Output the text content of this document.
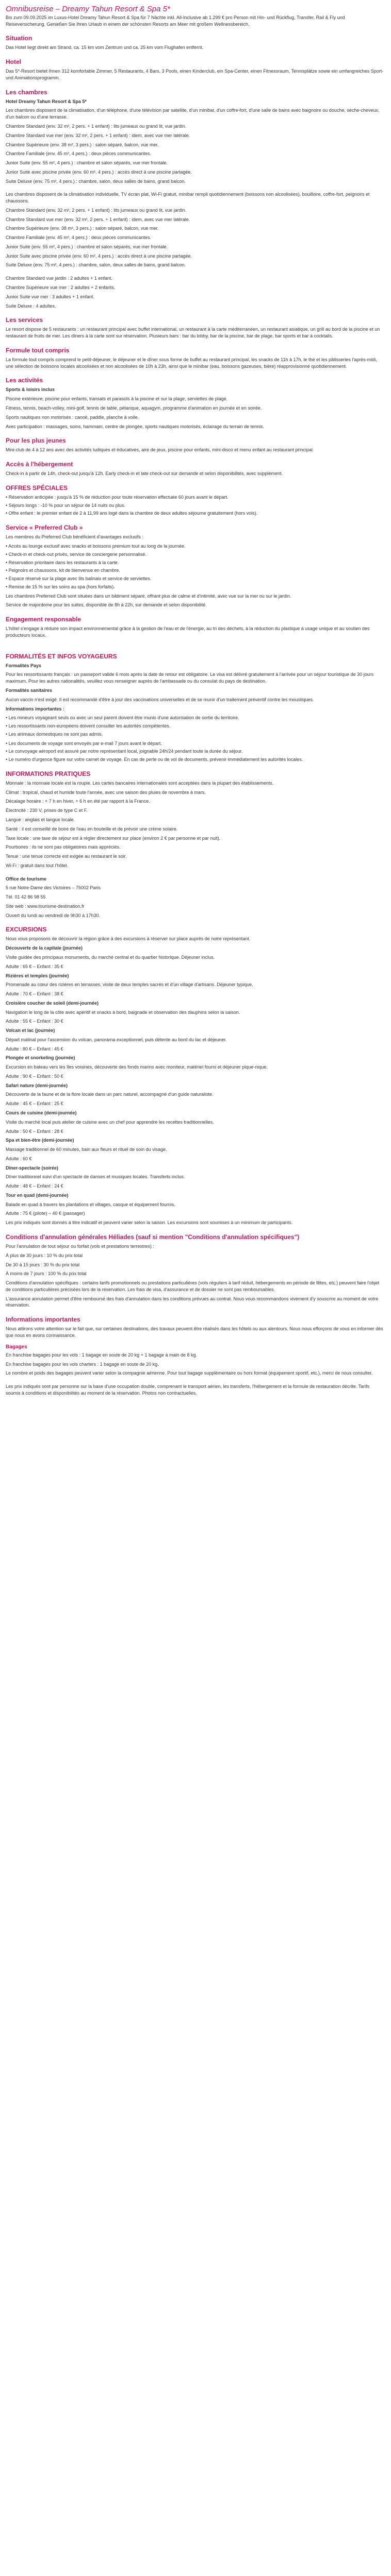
Omnibusreise – Dreamy Tahun Resort & Spa 5*
Bis zum 09.09.2025 im Luxus-Hotel Dreamy Tahun Resort & Spa für 7 Nächte inkl. All-Inclusive ab 1.299 € pro Person mit Hin- und Rückflug, Transfer, Rail & Fly und Reiseversicherung. Genießen Sie Ihren Urlaub in einem der schönsten Resorts am Meer mit großem Wellnessbereich.
Situation
Das Hotel liegt direkt am Strand, ca. 15 km vom Zentrum und ca. 25 km vom Flughafen entfernt.
Hotel
Das 5*-Resort bietet Ihnen 312 komfortable Zimmer, 5 Restaurants, 4 Bars, 3 Pools, einen Kinderclub, ein Spa-Center, einen Fitnessraum, Tennisplätze sowie ein umfangreiches Sport- und Animationsprogramm.
Les chambres
Hotel Dreamy Tahun Resort & Spa 5*
Les chambres disposent de la climatisation, d'un téléphone, d'une télévision par satellite, d'un minibar, d'un coffre-fort, d'une salle de bains avec baignoire ou douche, sèche-cheveux, d'un balcon ou d'une terrasse.
Chambre Standard (env. 32 m², 2 pers. + 1 enfant) : lits jumeaux ou grand lit, vue jardin.
Chambre Standard vue mer (env. 32 m², 2 pers. + 1 enfant) : idem, avec vue mer latérale.
Chambre Supérieure (env. 38 m², 3 pers.) : salon séparé, balcon, vue mer.
Chambre Familiale (env. 45 m², 4 pers.) : deux pièces communicantes.
Junior Suite (env. 55 m², 4 pers.) : chambre et salon séparés, vue mer frontale.
Junior Suite avec piscine privée (env. 60 m², 4 pers.) : accès direct à une piscine partagée.
Suite Deluxe (env. 75 m², 4 pers.) : chambre, salon, deux salles de bains, grand balcon.
Les chambres disposent de la climatisation individuelle, TV écran plat, Wi-Fi gratuit, minibar rempli quotidiennement (boissons non alcoolisées), bouilloire, coffre-fort, peignoirs et chaussons.
Chambre Standard (env. 32 m², 2 pers. + 1 enfant) : lits jumeaux ou grand lit, vue jardin.
Chambre Standard vue mer (env. 32 m², 2 pers. + 1 enfant) : idem, avec vue mer latérale.
Chambre Supérieure (env. 38 m², 3 pers.) : salon séparé, balcon, vue mer.
Chambre Familiale (env. 45 m², 4 pers.) : deux pièces communicantes.
Junior Suite (env. 55 m², 4 pers.) : chambre et salon séparés, vue mer frontale.
Junior Suite avec piscine privée (env. 60 m², 4 pers.) : accès direct à une piscine partagée.
Suite Deluxe (env. 75 m², 4 pers.) : chambre, salon, deux salles de bains, grand balcon.
Chambre Standard vue jardin : 2 adultes + 1 enfant.
Chambre Supérieure vue mer : 2 adultes + 2 enfants.
Junior Suite vue mer : 3 adultes + 1 enfant.
Suite Deluxe : 4 adultes.
Les services
Le resort dispose de 5 restaurants : un restaurant principal avec buffet international, un restaurant à la carte méditerranéen, un restaurant asiatique, un grill au bord de la piscine et un restaurant de fruits de mer. Les dîners à la carte sont sur réservation. Plusieurs bars : bar du lobby, bar de la piscine, bar de plage, bar sports et bar à cocktails.
Formule tout compris
La formule tout compris comprend le petit-déjeuner, le déjeuner et le dîner sous forme de buffet au restaurant principal, les snacks de 11h à 17h, le thé et les pâtisseries l'après-midi, une sélection de boissons locales alcoolisées et non alcoolisées de 10h à 23h, ainsi que le minibar (eau, boissons gazeuses, bière) réapprovisionné quotidiennement.
Les activités
Sports & loisirs inclus
Piscine extérieure, piscine pour enfants, transats et parasols à la piscine et sur la plage, serviettes de plage.
Fitness, tennis, beach-volley, mini-golf, tennis de table, pétanque, aquagym, programme d'animation en journée et en soirée.
Sports nautiques non motorisés : canoë, paddle, planche à voile.
Avec participation : massages, soins, hammam, centre de plongée, sports nautiques motorisés, éclairage du terrain de tennis.
Pour les plus jeunes
Mini-club de 4 à 12 ans avec des activités ludiques et éducatives, aire de jeux, piscine pour enfants, mini-disco et menu enfant au restaurant principal.
Accès à l'hébergement
Check-in à partir de 14h, check-out jusqu'à 12h. Early check-in et late check-out sur demande et selon disponibilités, avec supplément.
OFFRES SPÉCIALES
• Réservation anticipée : jusqu'à 15 % de réduction pour toute réservation effectuée 60 jours avant le départ.
• Séjours longs : -10 % pour un séjour de 14 nuits ou plus.
• Offre enfant : le premier enfant de 2 à 11,99 ans logé dans la chambre de deux adultes séjourne gratuitement (hors vols).
Service « Preferred Club »
Les membres du Preferred Club bénéficient d'avantages exclusifs :
• Accès au lounge exclusif avec snacks et boissons premium tout au long de la journée.
• Check-in et check-out privés, service de conciergerie personnalisé.
• Réservation prioritaire dans les restaurants à la carte.
• Peignoirs et chaussons, kit de bienvenue en chambre.
• Espace réservé sur la plage avec lits balinais et service de serviettes.
• Remise de 15 % sur les soins au spa (hors forfaits).
Les chambres Preferred Club sont situées dans un bâtiment séparé, offrant plus de calme et d'intimité, avec vue sur la mer ou sur le jardin.
Service de majordome pour les suites, disponible de 8h à 22h, sur demande et selon disponibilité.
Engagement responsable
L'hôtel s'engage à réduire son impact environnemental grâce à la gestion de l'eau et de l'énergie, au tri des déchets, à la réduction du plastique à usage unique et au soutien des producteurs locaux.
FORMALITÉS ET INFOS VOYAGEURS
Formalités Pays
Pour les ressortissants français : un passeport valide 6 mois après la date de retour est obligatoire. Le visa est délivré gratuitement à l'arrivée pour un séjour touristique de 30 jours maximum. Pour les autres nationalités, veuillez vous renseigner auprès de l'ambassade ou du consulat du pays de destination.
Formalités sanitaires
Aucun vaccin n'est exigé. Il est recommandé d'être à jour des vaccinations universelles et de se munir d'un traitement préventif contre les moustiques.
Informations importantes :
• Les mineurs voyageant seuls ou avec un seul parent doivent être munis d'une autorisation de sortie du territoire.
• Les ressortissants non-européens doivent consulter les autorités compétentes.
• Les animaux domestiques ne sont pas admis.
• Les documents de voyage sont envoyés par e-mail 7 jours avant le départ.
• Le convoyage aéroport est assuré par notre représentant local, joignable 24h/24 pendant toute la durée du séjour.
• Le numéro d'urgence figure sur votre carnet de voyage. En cas de perte ou de vol de documents, prévenir immédiatement les autorités locales.
INFORMATIONS PRATIQUES
Monnaie : la monnaie locale est la roupie. Les cartes bancaires internationales sont acceptées dans la plupart des établissements.
Climat : tropical, chaud et humide toute l'année, avec une saison des pluies de novembre à mars.
Décalage horaire : + 7 h en hiver, + 6 h en été par rapport à la France.
Électricité : 230 V, prises de type C et F.
Langue : anglais et langue locale.
Santé : il est conseillé de boire de l'eau en bouteille et de prévoir une crème solaire.
Taxe locale : une taxe de séjour est à régler directement sur place (environ 2 € par personne et par nuit).
Pourboires : ils ne sont pas obligatoires mais appréciés.
Tenue : une tenue correcte est exigée au restaurant le soir.
Wi-Fi : gratuit dans tout l'hôtel.
Office de tourisme
5 rue Notre-Dame des Victoires – 75002 Paris
Tél. 01 42 86 98 55
Site web : www.tourisme-destination.fr
Ouvert du lundi au vendredi de 9h30 à 17h30.
EXCURSIONS
Nous vous proposons de découvrir la région grâce à des excursions à réserver sur place auprès de notre représentant.
Découverte de la capitale (journée)
Visite guidée des principaux monuments, du marché central et du quartier historique. Déjeuner inclus.
Adulte : 65 € – Enfant : 35 €
Rizières et temples (journée)
Promenade au cœur des rizières en terrasses, visite de deux temples sacrés et d'un village d'artisans. Déjeuner typique.
Adulte : 70 € – Enfant : 38 €
Croisière coucher de soleil (demi-journée)
Navigation le long de la côte avec apéritif et snacks à bord, baignade et observation des dauphins selon la saison.
Adulte : 55 € – Enfant : 30 €
Volcan et lac (journée)
Départ matinal pour l'ascension du volcan, panorama exceptionnel, puis détente au bord du lac et déjeuner.
Adulte : 80 € – Enfant : 45 €
Plongée et snorkeling (journée)
Excursion en bateau vers les îles voisines, découverte des fonds marins avec moniteur, matériel fourni et déjeuner pique-nique.
Adulte : 90 € – Enfant : 50 €
Safari nature (demi-journée)
Découverte de la faune et de la flore locale dans un parc naturel, accompagné d'un guide naturaliste.
Adulte : 45 € – Enfant : 25 €
Cours de cuisine (demi-journée)
Visite du marché local puis atelier de cuisine avec un chef pour apprendre les recettes traditionnelles.
Adulte : 50 € – Enfant : 28 €
Spa et bien-être (demi-journée)
Massage traditionnel de 60 minutes, bain aux fleurs et rituel de soin du visage.
Adulte : 60 €
Dîner-spectacle (soirée)
Dîner traditionnel suivi d'un spectacle de danses et musiques locales. Transferts inclus.
Adulte : 48 € – Enfant : 24 €
Tour en quad (demi-journée)
Balade en quad à travers les plantations et villages, casque et équipement fournis.
Adulte : 75 € (pilote) – 40 € (passager)
Les prix indiqués sont donnés à titre indicatif et peuvent varier selon la saison. Les excursions sont soumises à un minimum de participants.
Conditions d'annulation générales Héliades (sauf si mention "Conditions d'annulation spécifiques")
Pour l'annulation de tout séjour ou forfait (vols et prestations terrestres) :
À plus de 30 jours : 10 % du prix total
De 30 à 15 jours : 30 % du prix total
À moins de 7 jours : 100 % du prix total
Conditions d'annulation spécifiques : certains tarifs promotionnels ou prestations particulières (vols réguliers à tarif réduit, hébergements en période de fêtes, etc.) peuvent faire l'objet de conditions particulières précisées lors de la réservation. Les frais de visa, d'assurance et de dossier ne sont pas remboursables.
L'assurance annulation permet d'être remboursé des frais d'annulation dans les conditions prévues au contrat. Nous vous recommandons vivement d'y souscrire au moment de votre réservation.
Informations importantes
Nous attirons votre attention sur le fait que, sur certaines destinations, des travaux peuvent être réalisés dans les hôtels ou aux alentours. Nous nous efforçons de vous en informer dès que nous en avons connaissance.
Bagages
En franchise bagages pour les vols : 1 bagage en soute de 20 kg + 1 bagage à main de 8 kg.
En franchise bagages pour les vols charters : 1 bagage en soute de 20 kg.
Le nombre et poids des bagages peuvent varier selon la compagnie aérienne. Pour tout bagage supplémentaire ou hors format (équipement sportif, etc.), merci de nous consulter.
Les prix indiqués sont par personne sur la base d'une occupation double, comprenant le transport aérien, les transferts, l'hébergement et la formule de restauration décrite. Tarifs soumis à conditions et disponibilités au moment de la réservation. Photos non contractuelles.
